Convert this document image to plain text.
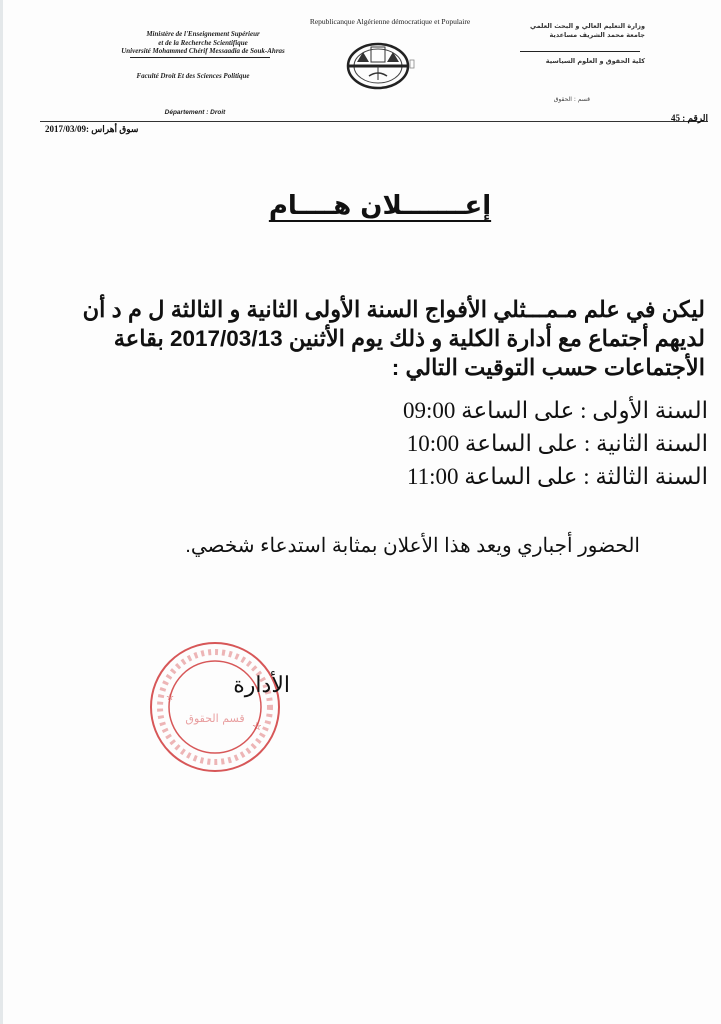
Ministère de l'Enseignement Supérieur
et de la Recherche Scientifique
Université Mohammed Chérif Messaadia de Souk-Ahras
Faculté Droit Et des Sciences Politique
Republicanque Algérienne démocratique et Populaire	وزارة التعليم العالي و البحث العلمي
جامعة محمد الشريف مساعدية
كلية الحقوق و العلوم السياسية
قسم : الحقوق
Département : Droit
الرقم : 45
سوق أهراس :2017/03/09
إعـــــــلان هــــام
ليكن في علم مـمـــثلي الأفواج السنة الأولى الثانية و الثالثة ل م د أن لديهم أجتماع مع أدارة الكلية و ذلك يوم الأثنين 2017/03/13 بقاعة الأجتماعات حسب التوقيت التالي :
السنة الأولى : على الساعة 09:00
السنة الثانية : على الساعة 10:00
السنة الثالثة : على الساعة 11:00
الحضور أجباري ويعد هذا الأعلان بمثابة استدعاء شخصي.
☆
☆
قسم الحقوق
الأدارة
